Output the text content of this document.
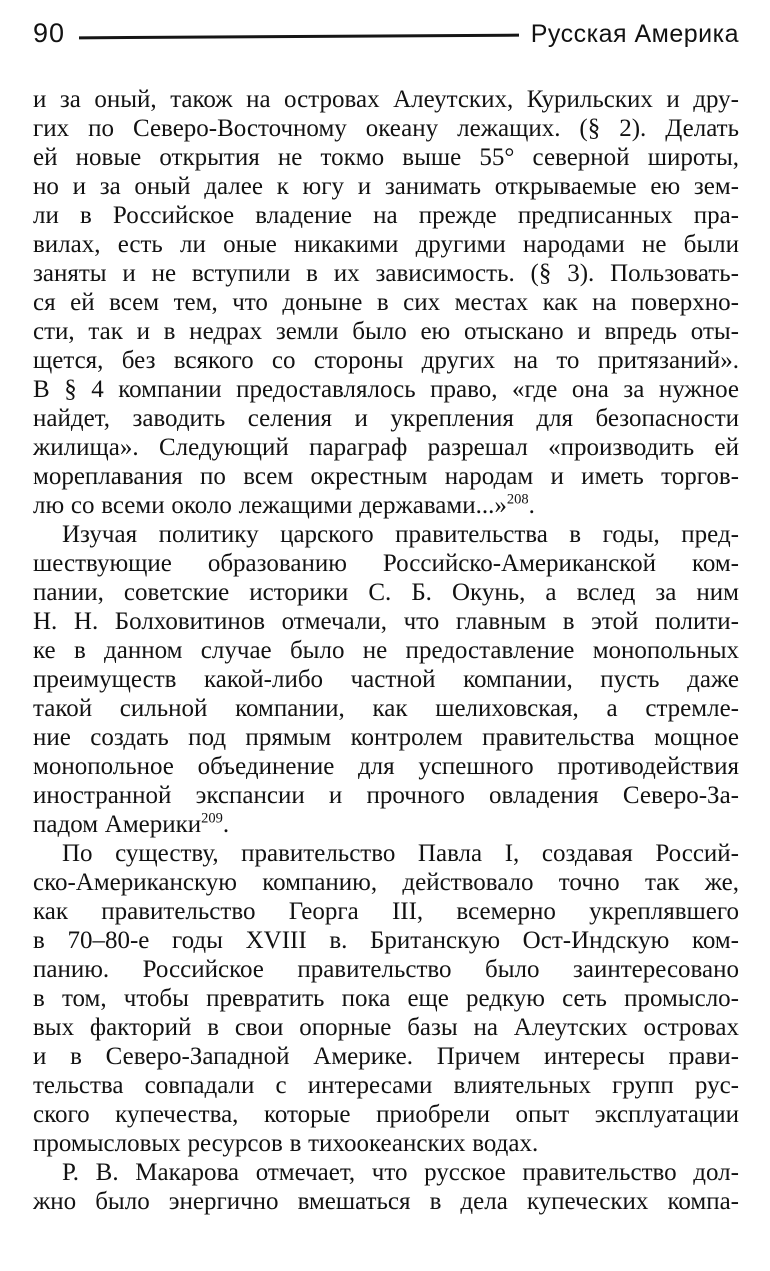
90	Русская Америка
и за оный, також на островах Алеутских, Курильских и дру-
гих по Северо-Восточному океану лежащих. (§ 2). Делать
ей новые открытия не токмо выше 55° северной широты,
но и за оный далее к югу и занимать открываемые ею зем-
ли в Российское владение на прежде предписанных пра-
вилах, есть ли оные никакими другими народами не были
заняты и не вступили в их зависимость. (§ 3). Пользовать-
ся ей всем тем, что доныне в сих местах как на поверхно-
сти, так и в недрах земли было ею отыскано и впредь оты-
щется, без всякого со стороны других на то притязаний».
В § 4 компании предоставлялось право, «где она за нужное
найдет, заводить селения и укрепления для безопасности
жилища». Следующий параграф разрешал «производить ей
мореплавания по всем окрестным народам и иметь торгов-
лю со всеми около лежащими державами...»$^{208}$.
Изучая политику царского правительства в годы, пред-
шествующие образованию Российско-Американской ком-
пании, советские историки С. Б. Окунь, а вслед за ним
Н. Н. Болховитинов отмечали, что главным в этой полити-
ке в данном случае было не предоставление монопольных
преимуществ какой-либо частной компании, пусть даже
такой сильной компании, как шелиховская, а стремле-
ние создать под прямым контролем правительства мощное
монопольное объединение для успешного противодействия
иностранной экспансии и прочного овладения Северо-За-
падом Америки$^{209}$.
По существу, правительство Павла I, создавая Россий-
ско-Американскую компанию, действовало точно так же,
как правительство Георга III, всемерно укреплявшего
в 70–80-е годы XVIII в. Британскую Ост-Индскую ком-
панию. Российское правительство было заинтересовано
в том, чтобы превратить пока еще редкую сеть промысло-
вых факторий в свои опорные базы на Алеутских островах
и в Северо-Западной Америке. Причем интересы прави-
тельства совпадали с интересами влиятельных групп рус-
ского купечества, которые приобрели опыт эксплуатации
промысловых ресурсов в тихоокеанских водах.
Р. В. Макарова отмечает, что русское правительство дол-
жно было энергично вмешаться в дела купеческих компа-
